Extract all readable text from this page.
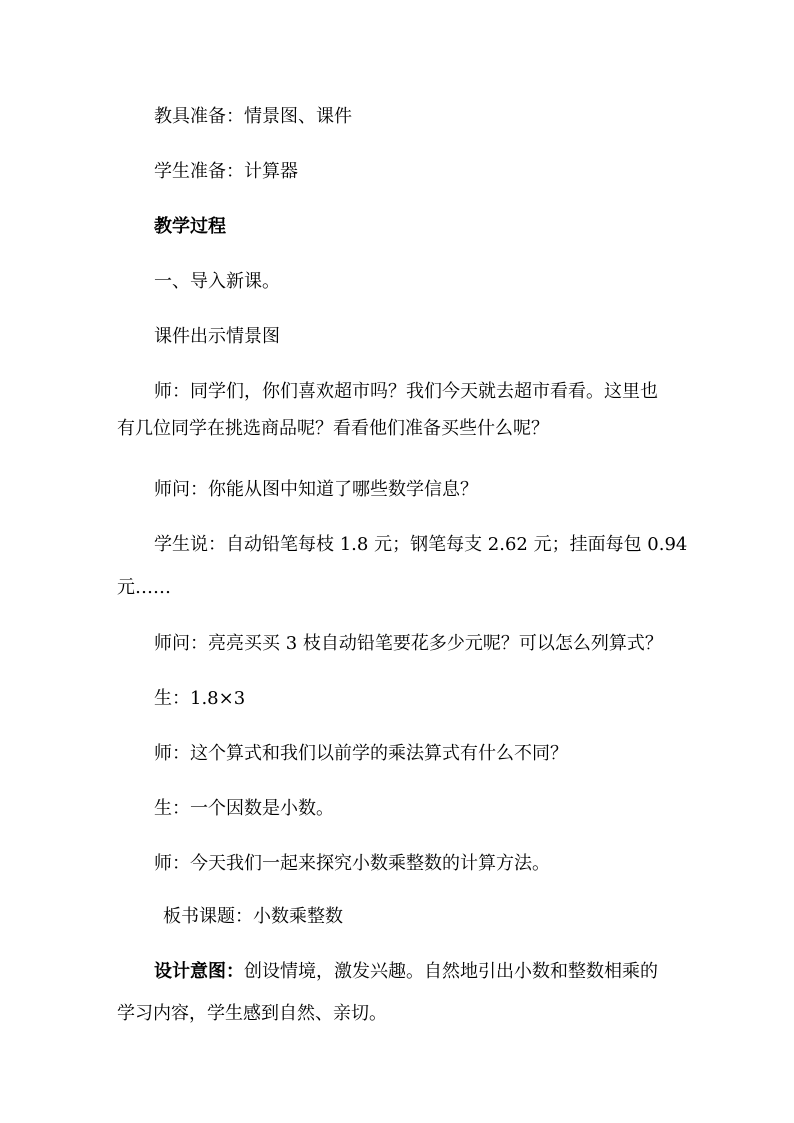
教具准备：情景图、课件
学生准备：计算器
教学过程
一、导入新课。
课件出示情景图
师：同学们，你们喜欢超市吗？我们今天就去超市看看。这里也
有几位同学在挑选商品呢？看看他们准备买些什么呢？
师问：你能从图中知道了哪些数学信息？
学生说：自动铅笔每枝 1.8 元；钢笔每支 2.62 元；挂面每包 0.94
元……
师问：亮亮买买 3 枝自动铅笔要花多少元呢？可以怎么列算式？
生：1.8×3
师：这个算式和我们以前学的乘法算式有什么不同？
生：一个因数是小数。
师：今天我们一起来探究小数乘整数的计算方法。
板书课题：小数乘整数
设计意图：创设情境，激发兴趣。自然地引出小数和整数相乘的
学习内容，学生感到自然、亲切。
